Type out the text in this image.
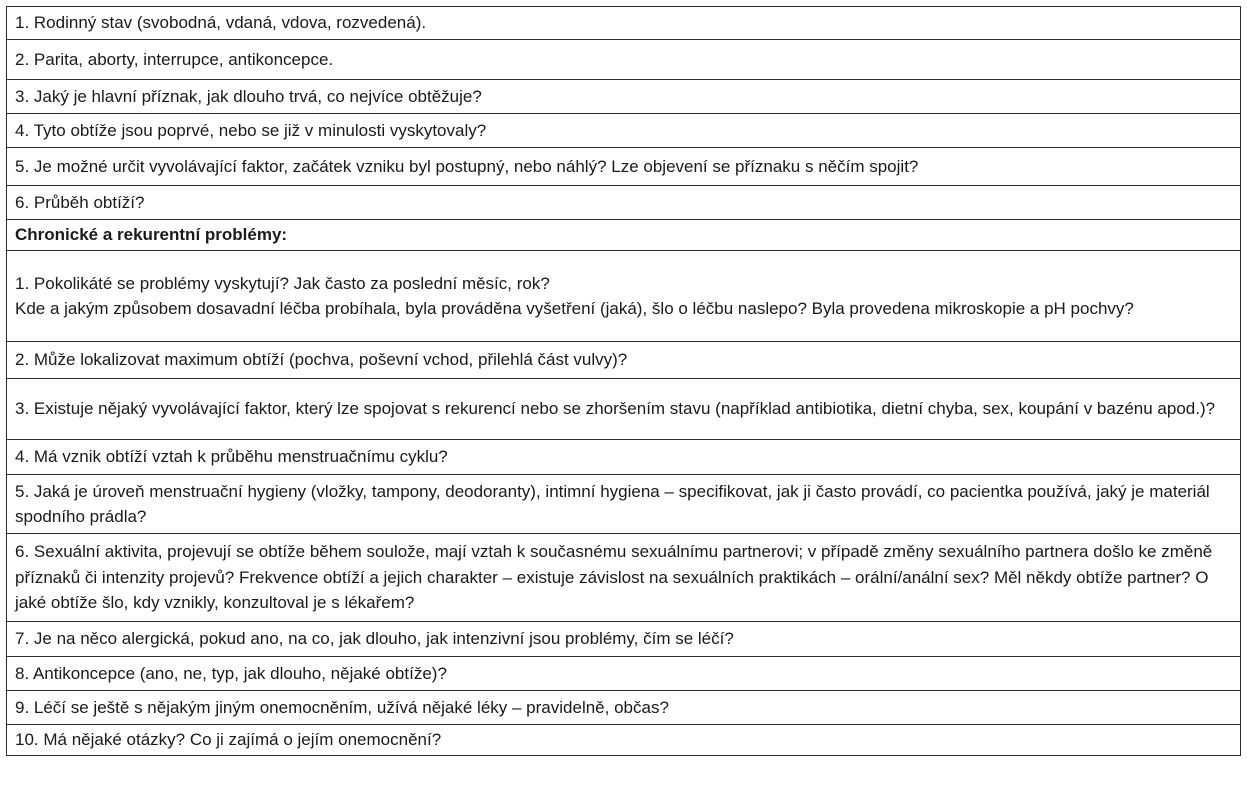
1. Rodinný stav (svobodná, vdaná, vdova, rozvedená).
2. Parita, aborty, interrupce, antikoncepce.
3. Jaký je hlavní příznak, jak dlouho trvá, co nejvíce obtěžuje?
4. Tyto obtíže jsou poprvé, nebo se již v minulosti vyskytovaly?
5. Je možné určit vyvolávající faktor, začátek vzniku byl postupný, nebo náhlý? Lze objevení se příznaku s něčím spojit?
6. Průběh obtíží?
Chronické a rekurentní problémy:
1. Pokolikáté se problémy vyskytují? Jak často za poslední měsíc, rok?
Kde a jakým způsobem dosavadní léčba probíhala, byla prováděna vyšetření (jaká), šlo o léčbu naslepo? Byla provedena mikroskopie a pH pochvy?
2. Může lokalizovat maximum obtíží (pochva, poševní vchod, přilehlá část vulvy)?
3. Existuje nějaký vyvolávající faktor, který lze spojovat s rekurencí nebo se zhoršením stavu (například antibiotika, dietní chyba, sex, koupání v bazénu apod.)?
4. Má vznik obtíží vztah k průběhu menstruačnímu cyklu?
5. Jaká je úroveň menstruační hygieny (vložky, tampony, deodoranty), intimní hygiena – specifikovat, jak ji často provádí, co pacientka používá, jaký je materiál spodního prádla?
6. Sexuální aktivita, projevují se obtíže během soulože, mají vztah k současnému sexuálnímu partnerovi; v případě změny sexuálního partnera došlo ke změně příznaků či intenzity projevů? Frekvence obtíží a jejich charakter – existuje závislost na sexuálních praktikách – orální/anální sex? Měl někdy obtíže partner? O jaké obtíže šlo, kdy vznikly, konzultoval je s lékařem?
7. Je na něco alergická, pokud ano, na co, jak dlouho, jak intenzivní jsou problémy, čím se léčí?
8. Antikoncepce (ano, ne, typ, jak dlouho, nějaké obtíže)?
9. Léčí se ještě s nějakým jiným onemocněním, užívá nějaké léky – pravidelně, občas?
10. Má nějaké otázky? Co ji zajímá o jejím onemocnění?
